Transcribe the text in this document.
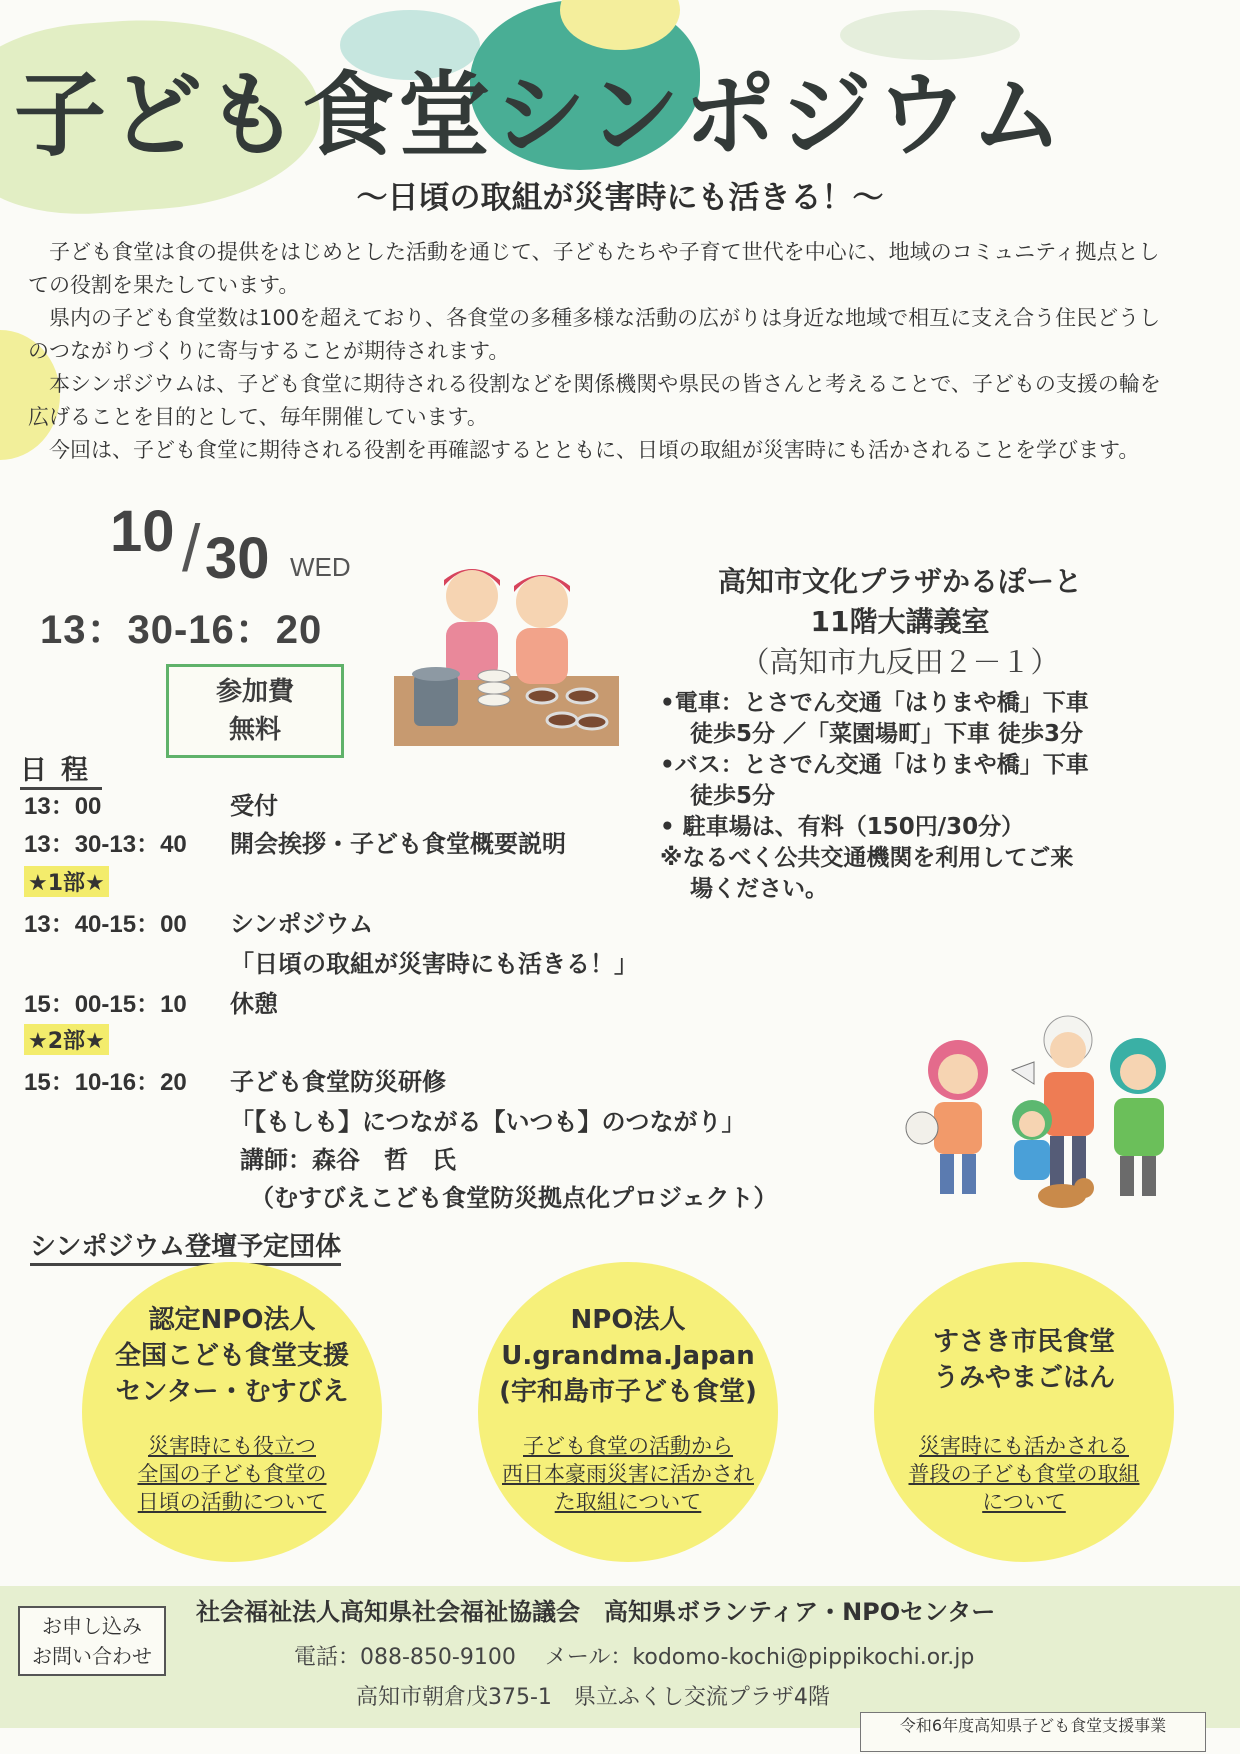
子ども食堂シンポジウム
～日頃の取組が災害時にも活きる！～

子ども食堂は食の提供をはじめとした活動を通じて、子どもたちや子育て世代を中心に、地域のコミュニティ拠点としての役割を果たしています。

県内の子ども食堂数は100を超えており、各食堂の多種多様な活動の広がりは身近な地域で相互に支え合う住民どうしのつながりづくりに寄与することが期待されます。

本シンポジウムは、子ども食堂に期待される役割などを関係機関や県民の皆さんと考えることで、子どもの支援の輪を広げることを目的として、毎年開催しています。

今回は、子ども食堂に期待される役割を再確認するとともに、日頃の取組が災害時にも活かされることを学びます。

10 / 30 WED
13：30-16：20
参加費
無料
高知市文化プラザかるぽーと
11階大講義室
（高知市九反田２－１）
•電車：とさでん交通「はりまや橋」下車
徒歩5分 ／「菜園場町」下車 徒歩3分
•バス：とさでん交通「はりまや橋」下車
徒歩5分
• 駐車場は、有料（150円/30分）
※なるべく公共交通機関を利用してご来
場ください。
日程
13：00	受付
13：30-13：40 開会挨拶・子ども食堂概要説明
★1部★
13：40-15：00 シンポジウム
「日頃の取組が災害時にも活きる！」
15：00-15：10 休憩
★2部★
15：10-16：20 子ども食堂防災研修
「【もしも】につながる【いつも】のつながり」
講師：森谷　哲　氏
（むすびえこども食堂防災拠点化プロジェクト）
シンポジウム登壇予定団体
認定NPO法人
全国こども食堂支援
センター・むすびえ
災害時にも役立つ
全国の子ども食堂の
日頃の活動について
NPO法人
U.grandma.Japan
(宇和島市子ども食堂)
子ども食堂の活動から
西日本豪雨災害に活かされ
た取組について
すさき市民食堂
うみやまごはん
災害時にも活かされる
普段の子ども食堂の取組
について
お申し込み
お問い合わせ
社会福祉法人高知県社会福祉協議会　高知県ボランティア・NPOセンター
電話：088-850-9100　 メール：kodomo-kochi@pippikochi.or.jp
高知市朝倉戊375-1　県立ふくし交流プラザ4階
令和6年度高知県子ども食堂支援事業
